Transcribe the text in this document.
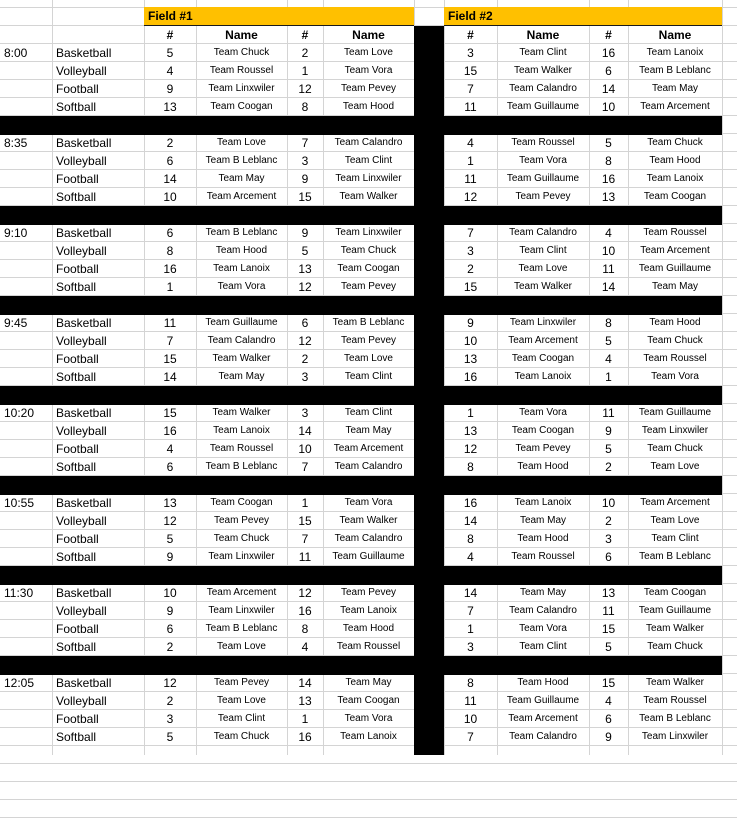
Field #1	Field #2
#	Name	#	Name	#	Name	#	Name
8:00	Basketball	5	Team Chuck	2	Team Love	3	Team Clint	16	Team Lanoix
Volleyball	4	Team Roussel	1	Team Vora	15	Team Walker	6	Team B Leblanc
Football	9	Team Linxwiler	12	Team Pevey	7	Team Calandro	14	Team May
Softball	13	Team Coogan	8	Team Hood	11	Team Guillaume	10	Team Arcement
8:35	Basketball	2	Team Love	7	Team Calandro	4	Team Roussel	5	Team Chuck
Volleyball	6	Team B Leblanc	3	Team Clint	1	Team Vora	8	Team Hood
Football	14	Team May	9	Team Linxwiler	11	Team Guillaume	16	Team Lanoix
Softball	10	Team Arcement	15	Team Walker	12	Team Pevey	13	Team Coogan
9:10	Basketball	6	Team B Leblanc	9	Team Linxwiler	7	Team Calandro	4	Team Roussel
Volleyball	8	Team Hood	5	Team Chuck	3	Team Clint	10	Team Arcement
Football	16	Team Lanoix	13	Team Coogan	2	Team Love	11	Team Guillaume
Softball	1	Team Vora	12	Team Pevey	15	Team Walker	14	Team May
9:45	Basketball	11	Team Guillaume	6	Team B Leblanc	9	Team Linxwiler	8	Team Hood
Volleyball	7	Team Calandro	12	Team Pevey	10	Team Arcement	5	Team Chuck
Football	15	Team Walker	2	Team Love	13	Team Coogan	4	Team Roussel
Softball	14	Team May	3	Team Clint	16	Team Lanoix	1	Team Vora
10:20	Basketball	15	Team Walker	3	Team Clint	1	Team Vora	11	Team Guillaume
Volleyball	16	Team Lanoix	14	Team May	13	Team Coogan	9	Team Linxwiler
Football	4	Team Roussel	10	Team Arcement	12	Team Pevey	5	Team Chuck
Softball	6	Team B Leblanc	7	Team Calandro	8	Team Hood	2	Team Love
10:55	Basketball	13	Team Coogan	1	Team Vora	16	Team Lanoix	10	Team Arcement
Volleyball	12	Team Pevey	15	Team Walker	14	Team May	2	Team Love
Football	5	Team Chuck	7	Team Calandro	8	Team Hood	3	Team Clint
Softball	9	Team Linxwiler	11	Team Guillaume	4	Team Roussel	6	Team B Leblanc
11:30	Basketball	10	Team Arcement	12	Team Pevey	14	Team May	13	Team Coogan
Volleyball	9	Team Linxwiler	16	Team Lanoix	7	Team Calandro	11	Team Guillaume
Football	6	Team B Leblanc	8	Team Hood	1	Team Vora	15	Team Walker
Softball	2	Team Love	4	Team Roussel	3	Team Clint	5	Team Chuck
12:05	Basketball	12	Team Pevey	14	Team May	8	Team Hood	15	Team Walker
Volleyball	2	Team Love	13	Team Coogan	11	Team Guillaume	4	Team Roussel
Football	3	Team Clint	1	Team Vora	10	Team Arcement	6	Team B Leblanc
Softball	5	Team Chuck	16	Team Lanoix	7	Team Calandro	9	Team Linxwiler
